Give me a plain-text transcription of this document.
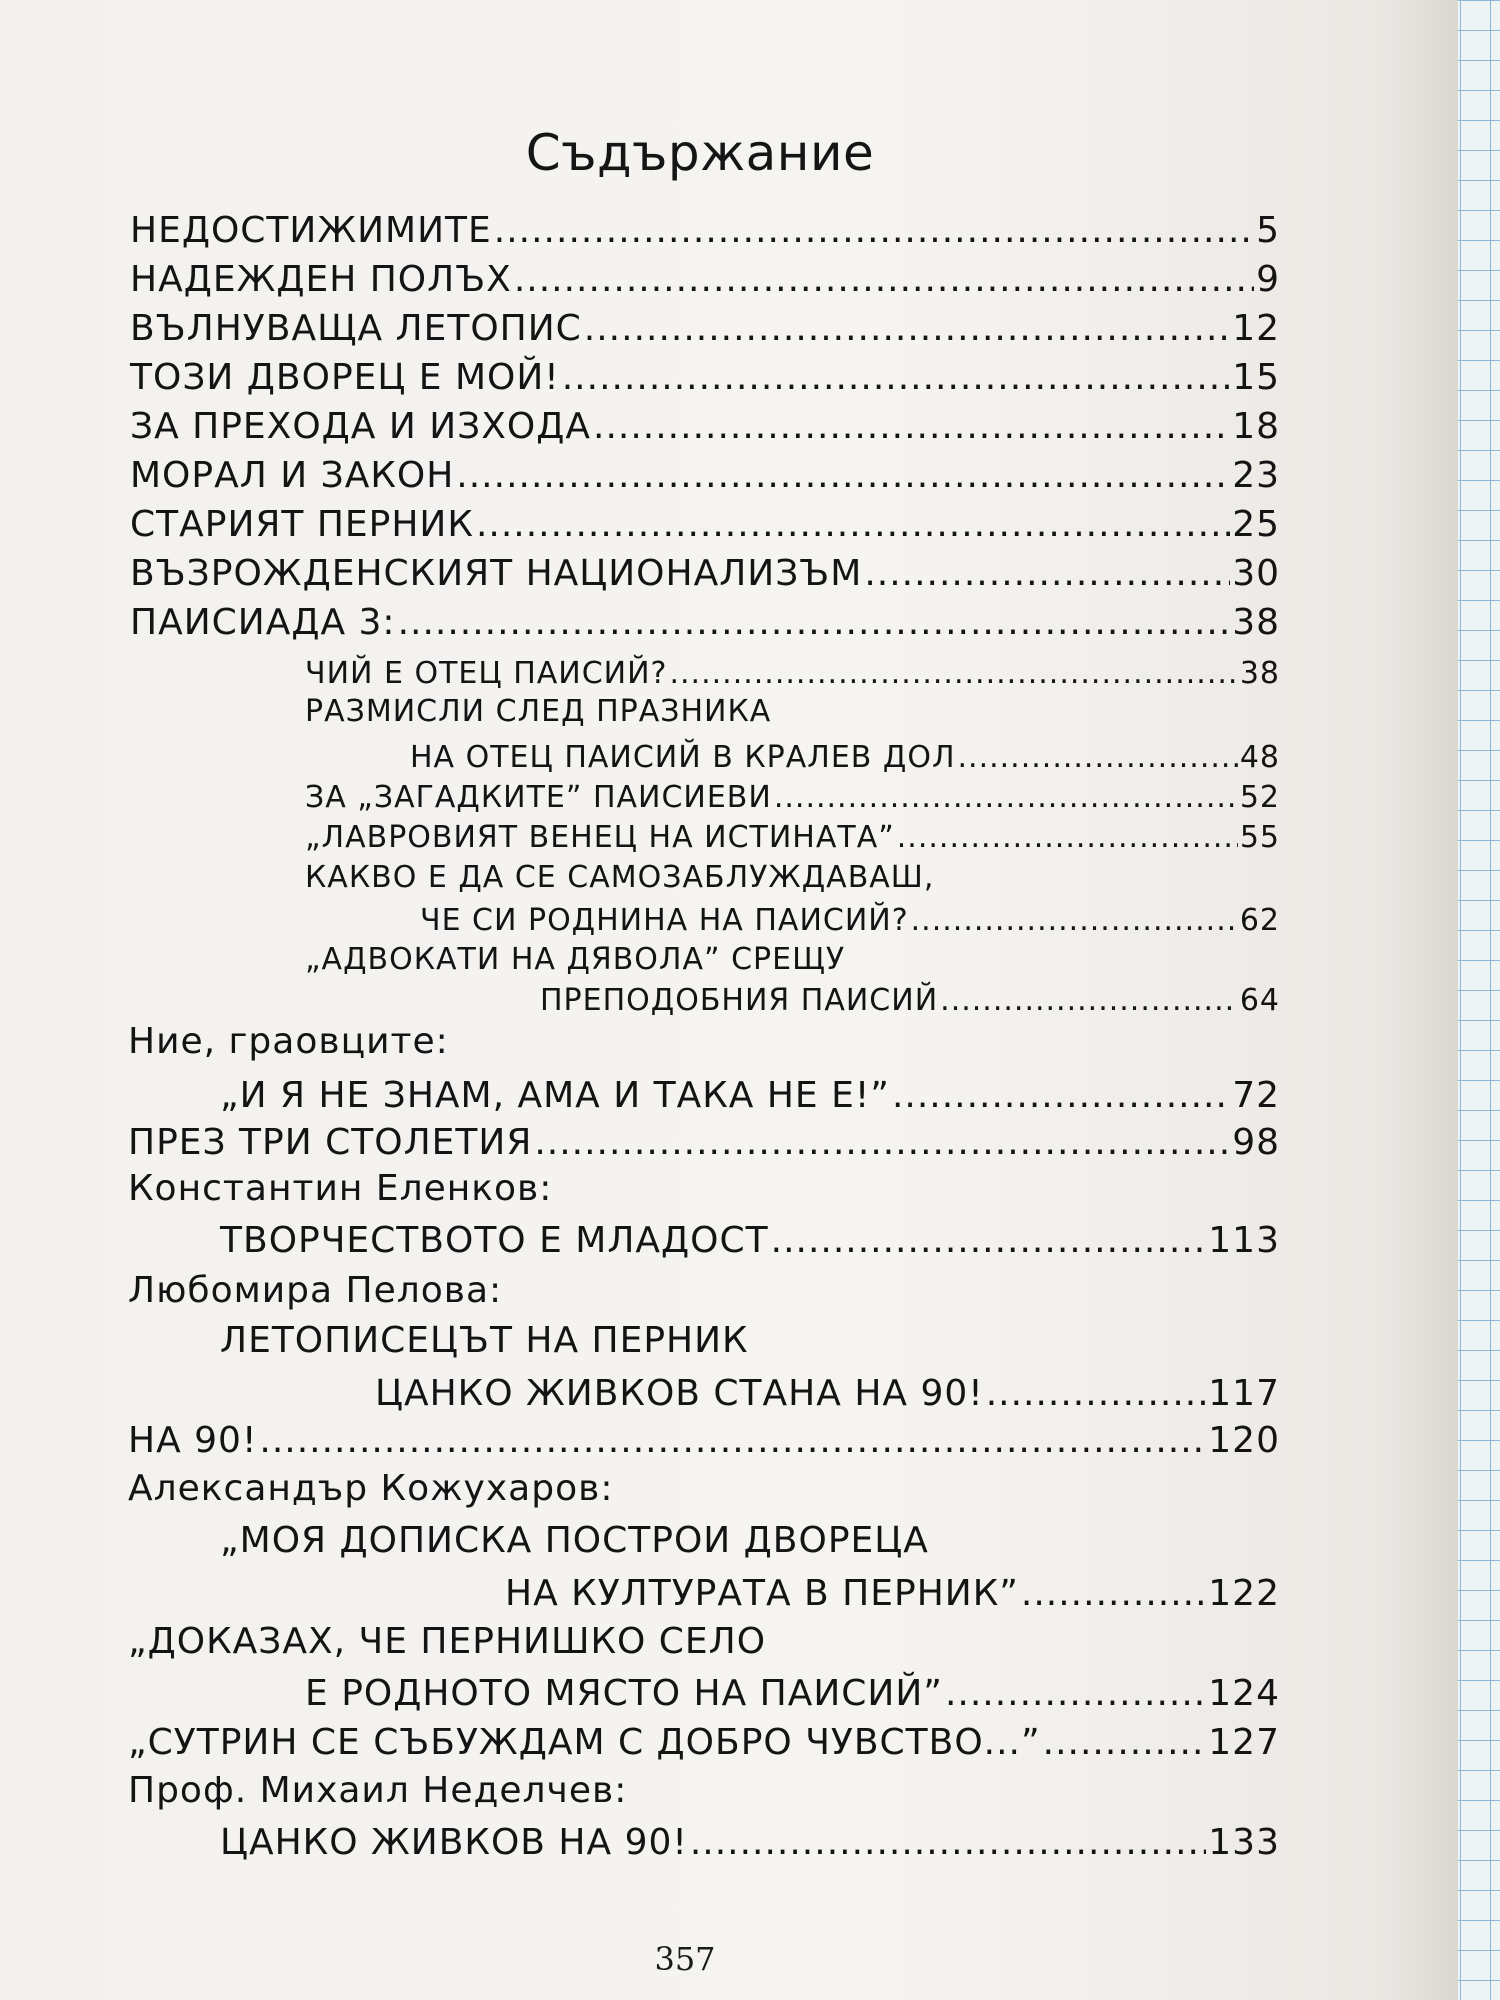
Съдържание
НЕДОСТИЖИМИТЕ .....	5
НАДЕЖДЕН ПОЛЪХ .....	9
ВЪЛНУВАЩА ЛЕТОПИС .....	12
ТОЗИ ДВОРЕЦ Е МОЙ! .....	15
ЗА ПРЕХОДА И ИЗХОДА .....	18
МОРАЛ И ЗАКОН .....	23
СТАРИЯТ ПЕРНИК .....	25
ВЪЗРОЖДЕНСКИЯТ НАЦИОНАЛИЗЪМ .....	30
ПАИСИАДА 3: .....	38
ЧИЙ Е ОТЕЦ ПАИСИЙ? .....	38
РАЗМИСЛИ СЛЕД ПРАЗНИКА
НА ОТЕЦ ПАИСИЙ В КРАЛЕВ ДОЛ .....	48
ЗА „ЗАГАДКИТЕ” ПАИСИЕВИ .....	52
„ЛАВРОВИЯТ ВЕНЕЦ НА ИСТИНАТА” .....	55
КАКВО Е ДА СЕ САМОЗАБЛУЖДАВАШ,
ЧЕ СИ РОДНИНА НА ПАИСИЙ? .....	62
„АДВОКАТИ НА ДЯВОЛА” СРЕЩУ
ПРЕПОДОБНИЯ ПАИСИЙ .....	64
Ние, граовците:
„И Я НЕ ЗНАМ, АМА И ТАКА НЕ Е!” .....	72
ПРЕЗ ТРИ СТОЛЕТИЯ .....	98
Константин Еленков:
ТВОРЧЕСТВОТО Е МЛАДОСТ .....	113
Любомира Пелова:
ЛЕТОПИСЕЦЪТ НА ПЕРНИК
ЦАНКО ЖИВКОВ СТАНА НА 90! .....	117
НА 90! .....	120
Александър Кожухаров:
„МОЯ ДОПИСКА ПОСТРОИ ДВОРЕЦА
НА КУЛТУРАТА В ПЕРНИК” .....	122
„ДОКАЗАХ, ЧЕ ПЕРНИШКО СЕЛО
Е РОДНОТО МЯСТО НА ПАИСИЙ” .....	124
„СУТРИН СЕ СЪБУЖДАМ С ДОБРО ЧУВСТВО...” .....	127
Проф. Михаил Неделчев:
ЦАНКО ЖИВКОВ НА 90! .....	133
357
